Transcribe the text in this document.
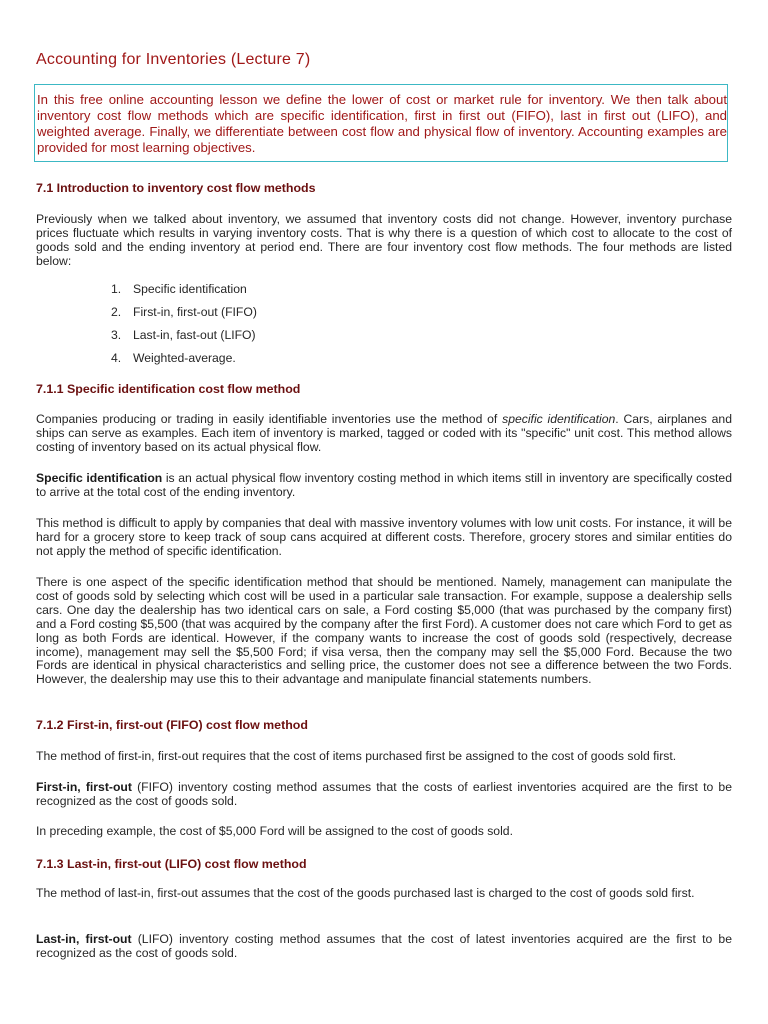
Accounting for Inventories (Lecture 7)
In this free online accounting lesson we define the lower of cost or market rule for inventory. We then talk about inventory cost flow methods which are specific identification, first in first out (FIFO), last in first out (LIFO), and weighted average. Finally, we differentiate between cost flow and physical flow of inventory. Accounting examples are provided for most learning objectives.
7.1 Introduction to inventory cost flow methods

Previously when we talked about inventory, we assumed that inventory costs did not change. However, inventory purchase prices fluctuate which results in varying inventory costs. That is why there is a question of which cost to allocate to the cost of goods sold and the ending inventory at period end. There are four inventory cost flow methods. The four methods are listed below:

1. Specific identification
2. First-in, first-out (FIFO)
3. Last-in, fast-out (LIFO)
4. Weighted-average.
7.1.1 Specific identification cost flow method

Companies producing or trading in easily identifiable inventories use the method of specific identification. Cars, airplanes and ships can serve as examples. Each item of inventory is marked, tagged or coded with its "specific" unit cost. This method allows costing of inventory based on its actual physical flow.

Specific identification is an actual physical flow inventory costing method in which items still in inventory are specifically costed to arrive at the total cost of the ending inventory.

This method is difficult to apply by companies that deal with massive inventory volumes with low unit costs. For instance, it will be hard for a grocery store to keep track of soup cans acquired at different costs. Therefore, grocery stores and similar entities do not apply the method of specific identification.

There is one aspect of the specific identification method that should be mentioned. Namely, management can manipulate the cost of goods sold by selecting which cost will be used in a particular sale transaction. For example, suppose a dealership sells cars. One day the dealership has two identical cars on sale, a Ford costing $5,000 (that was purchased by the company first) and a Ford costing $5,500 (that was acquired by the company after the first Ford). A customer does not care which Ford to get as long as both Fords are identical. However, if the company wants to increase the cost of goods sold (respectively, decrease income), management may sell the $5,500 Ford; if visa versa, then the company may sell the $5,000 Ford. Because the two Fords are identical in physical characteristics and selling price, the customer does not see a difference between the two Fords. However, the dealership may use this to their advantage and manipulate financial statements numbers.

7.1.2 First-in, first-out (FIFO) cost flow method

The method of first-in, first-out requires that the cost of items purchased first be assigned to the cost of goods sold first.

First-in, first-out (FIFO) inventory costing method assumes that the costs of earliest inventories acquired are the first to be recognized as the cost of goods sold.

In preceding example, the cost of $5,000 Ford will be assigned to the cost of goods sold.

7.1.3 Last-in, first-out (LIFO) cost flow method

The method of last-in, first-out assumes that the cost of the goods purchased last is charged to the cost of goods sold first.

Last-in, first-out (LIFO) inventory costing method assumes that the cost of latest inventories acquired are the first to be recognized as the cost of goods sold.
